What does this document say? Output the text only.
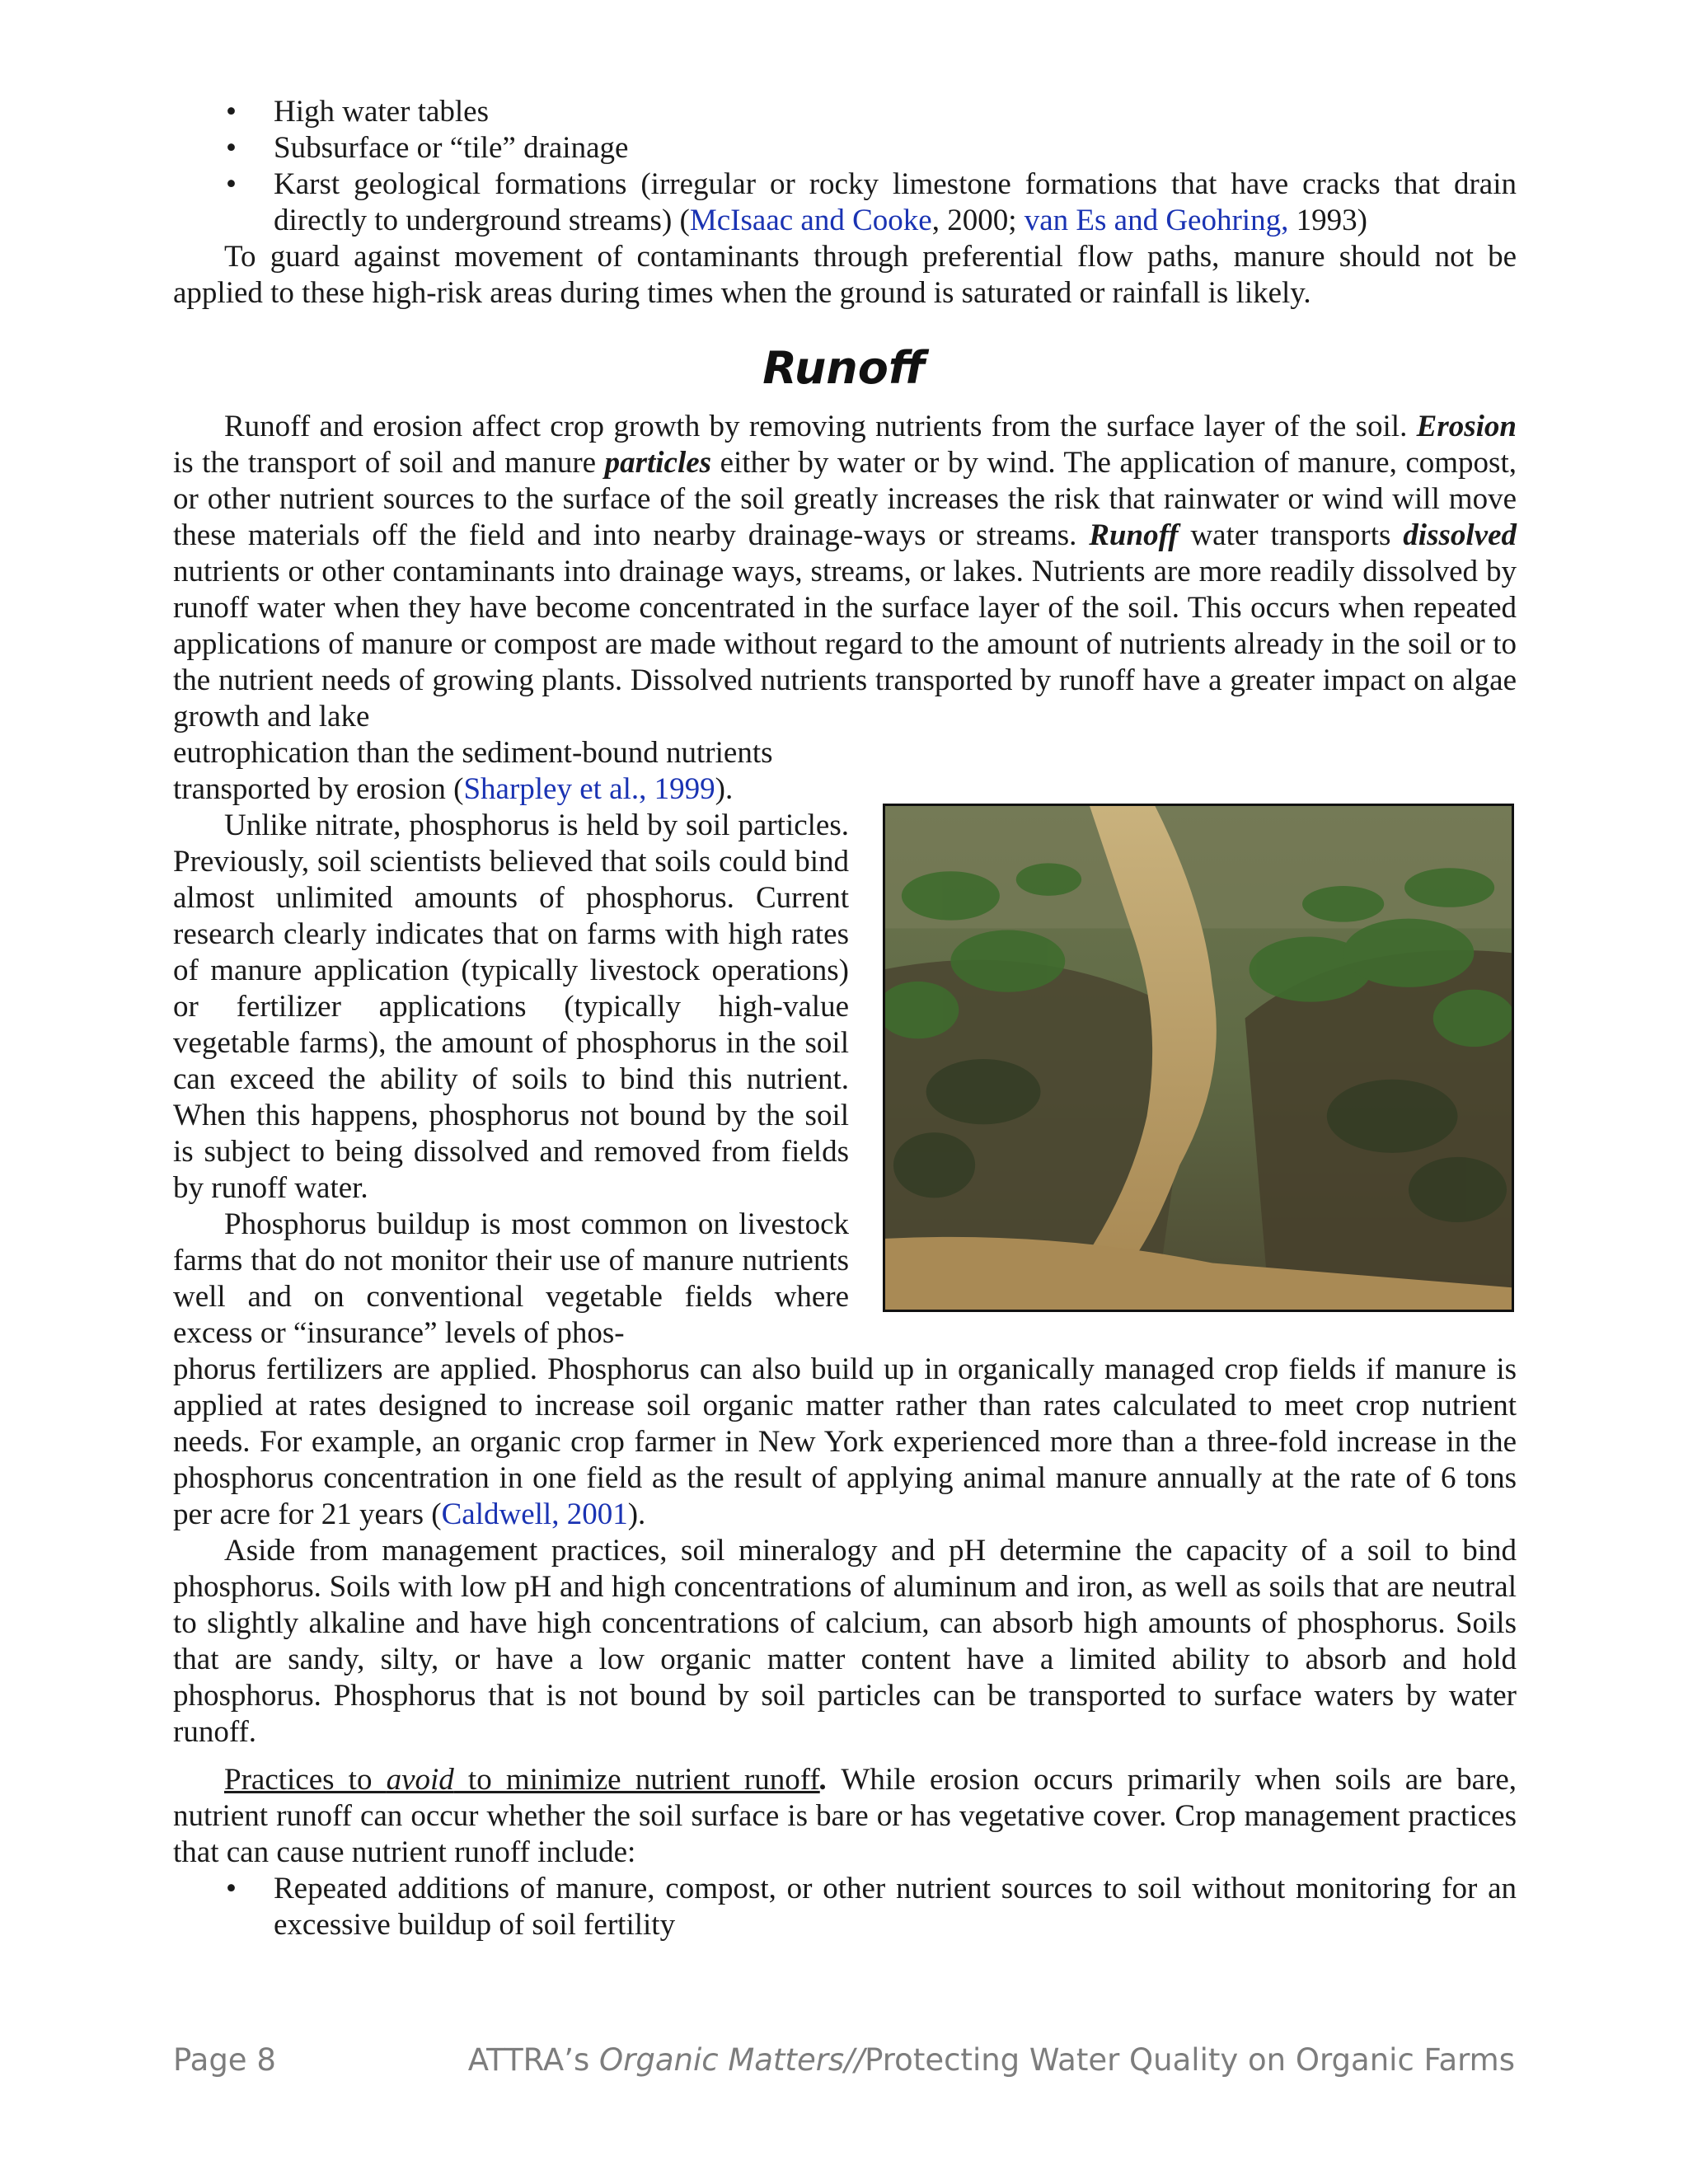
• High water tables
• Subsurface or “tile” drainage
• Karst geological formations (irregular or rocky limestone formations that have cracks that drain directly to underground streams) (McIsaac and Cooke, 2000; van Es and Geohring, 1993)

To guard against movement of contaminants through preferential flow paths, manure should not be applied to these high-risk areas during times when the ground is saturated or rainfall is likely.

Runoff

Runoff and erosion affect crop growth by removing nutrients from the surface layer of the soil. Erosion is the transport of soil and manure particles either by water or by wind. The application of manure, compost, or other nutrient sources to the surface of the soil greatly increases the risk that rainwater or wind will move these materials off the field and into nearby drainage-ways or streams. Runoff water transports dissolved nutrients or other contaminants into drainage ways, streams, or lakes. Nutrients are more readily dissolved by runoff water when they have become concentrated in the surface layer of the soil. This occurs when repeated applications of manure or compost are made without regard to the amount of nutrients already in the soil or to the nutrient needs of growing plants. Dissolved nutrients transported by runoff have a greater impact on algae growth and lake

eutrophication than the sediment-bound nutrients

transported by erosion (Sharpley et al., 1999).

Unlike nitrate, phosphorus is held by soil particles. Previously, soil scientists believed that soils could bind almost unlimited amounts of phosphorus. Current research clearly indicates that on farms with high rates of manure application (typically livestock operations) or fertilizer applications (typically high-value vegetable farms), the amount of phosphorus in the soil can exceed the ability of soils to bind this nutrient. When this happens, phosphorus not bound by the soil is subject to being dissolved and removed from fields by runoff water.

Phosphorus buildup is most common on livestock farms that do not monitor their use of manure nutrients well and on conventional vegetable fields where excess or “insurance” levels of phos-

phorus fertilizers are applied. Phosphorus can also build up in organically managed crop fields if manure is applied at rates designed to increase soil organic matter rather than rates calculated to meet crop nutrient needs. For example, an organic crop farmer in New York experienced more than a three-fold increase in the phosphorus concentration in one field as the result of applying animal manure annually at the rate of 6 tons per acre for 21 years (Caldwell, 2001).

Aside from management practices, soil mineralogy and pH determine the capacity of a soil to bind phosphorus. Soils with low pH and high concentrations of aluminum and iron, as well as soils that are neutral to slightly alkaline and have high concentrations of calcium, can absorb high amounts of phosphorus. Soils that are sandy, silty, or have a low organic matter content have a limited ability to absorb and hold phosphorus. Phosphorus that is not bound by soil particles can be transported to surface waters by water runoff.

Practices to avoid to minimize nutrient runoff. While erosion occurs primarily when soils are bare, nutrient runoff can occur whether the soil surface is bare or has vegetative cover. Crop management practices that can cause nutrient runoff include:

• Repeated additions of manure, compost, or other nutrient sources to soil without monitoring for an excessive buildup of soil fertility
Page 8	ATTRA’s Organic Matters//Protecting Water Quality on Organic Farms
